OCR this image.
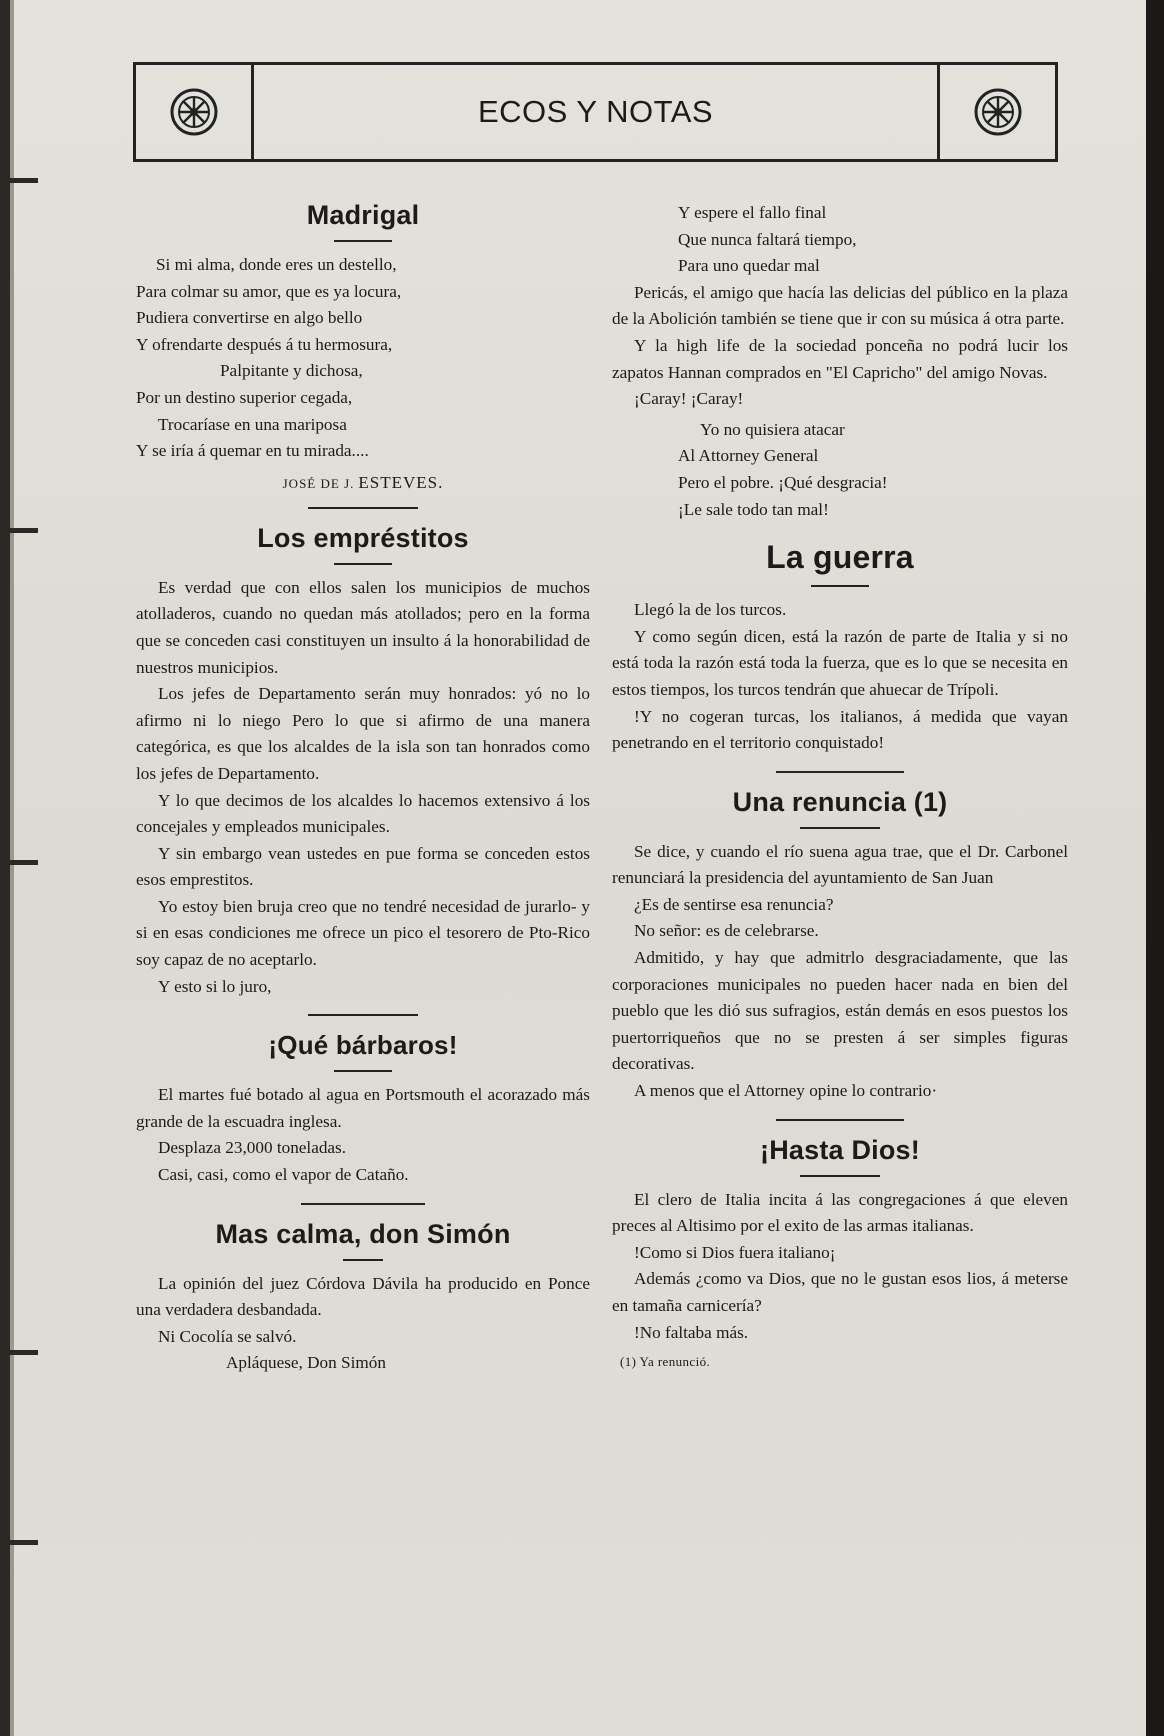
ECOS Y NOTAS
Madrigal
Si mi alma, donde eres un destello,
Para colmar su amor, que es ya locura,
Pudiera convertirse en algo bello
Y ofrendarte después á tu hermosura,
Palpitante y dichosa,
Por un destino superior cegada,
Trocaríase en una mariposa
Y se iría á quemar en tu mirada....
JOSÉ DE J. ESTEVES.
Los empréstitos

Es verdad que con ellos salen los municipios de muchos atolladeros, cuando no quedan más atollados; pero en la forma que se conceden casi constituyen un insulto á la honorabilidad de nuestros municipios.

Los jefes de Departamento serán muy honrados: yó no lo afirmo ni lo niego Pero lo que si afirmo de una manera categórica, es que los alcaldes de la isla son tan honrados como los jefes de Departamento.

Y lo que decimos de los alcaldes lo hacemos extensivo á los concejales y empleados municipales.

Y sin embargo vean ustedes en pue forma se conceden estos esos emprestitos.

Yo estoy bien bruja creo que no tendré necesidad de jurarlo- y si en esas condiciones me ofrece un pico el tesorero de Pto-Rico soy capaz de no aceptarlo.

Y esto si lo juro,

¡Qué bárbaros!

El martes fué botado al agua en Portsmouth el acorazado más grande de la escuadra inglesa.

Desplaza 23,000 toneladas.

Casi, casi, como el vapor de Cataño.

Mas calma, don Simón

La opinión del juez Córdova Dávila ha producido en Ponce una verdadera desbandada.

Ni Cocolía se salvó.

Apláquese, Don Simón

Y espere el fallo final
Que nunca faltará tiempo,
Para uno quedar mal

Pericás, el amigo que hacía las delicias del público en la plaza de la Abolición también se tiene que ir con su música á otra parte.

Y la high life de la sociedad ponceña no podrá lucir los zapatos Hannan comprados en "El Capricho" del amigo Novas.

¡Caray! ¡Caray!

Yo no quisiera atacar
Al Attorney General
Pero el pobre. ¡Qué desgracia!
¡Le sale todo tan mal!
La guerra

Llegó la de los turcos.

Y como según dicen, está la razón de parte de Italia y si no está toda la razón está toda la fuerza, que es lo que se necesita en estos tiempos, los turcos tendrán que ahuecar de Trípoli.

!Y no cogeran turcas, los italianos, á medida que vayan penetrando en el territorio conquistado!

Una renuncia (1)

Se dice, y cuando el río suena agua trae, que el Dr. Carbonel renunciará la presidencia del ayuntamiento de San Juan

¿Es de sentirse esa renuncia?

No señor: es de celebrarse.

Admitido, y hay que admitrlo desgraciadamente, que las corporaciones municipales no pueden hacer nada en bien del pueblo que les dió sus sufragios, están demás en esos puestos los puertorriqueños que no se presten á ser simples figuras decorativas.

A menos que el Attorney opine lo contrario·

¡Hasta Dios!

El clero de Italia incita á las congregaciones á que eleven preces al Altisimo por el exito de las armas italianas.

!Como si Dios fuera italiano¡

Además ¿como va Dios, que no le gustan esos lios, á meterse en tamaña carnicería?

!No faltaba más.

(1) Ya renunció.
